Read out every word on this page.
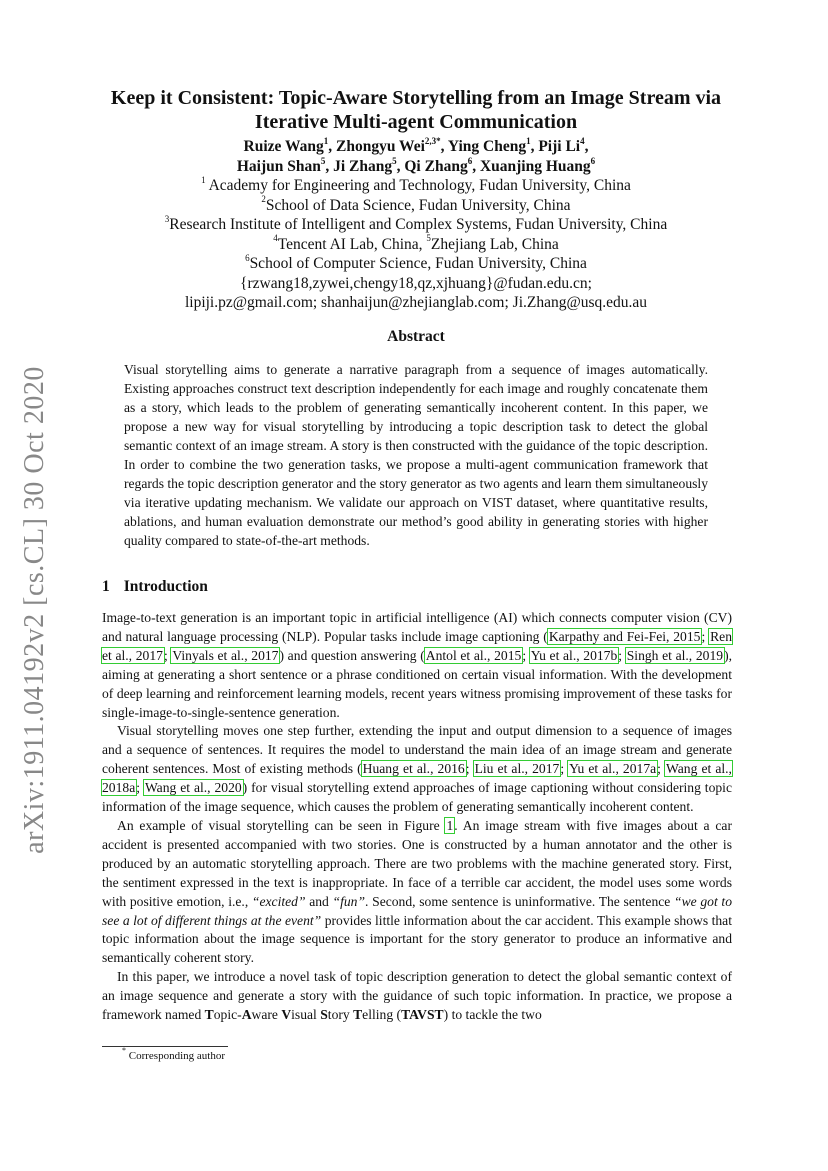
arXiv:1911.04192v2 [cs.CL] 30 Oct 2020
Keep it Consistent: Topic-Aware Storytelling from an Image Stream via
Iterative Multi-agent Communication
Ruize Wang$^1$, Zhongyu Wei$^{2,3*}$, Ying Cheng$^1$, Piji Li$^4$,
Haijun Shan$^5$, Ji Zhang$^5$, Qi Zhang$^6$, Xuanjing Huang$^6$
$^1$ Academy for Engineering and Technology, Fudan University, China
$^2$School of Data Science, Fudan University, China
$^3$Research Institute of Intelligent and Complex Systems, Fudan University, China
$^4$Tencent AI Lab, China, $^5$Zhejiang Lab, China
$^6$School of Computer Science, Fudan University, China
{rzwang18,zywei,chengy18,qz,xjhuang}@fudan.edu.cn;
lipiji.pz@gmail.com; shanhaijun@zhejianglab.com; Ji.Zhang@usq.edu.au
Abstract

Visual storytelling aims to generate a narrative paragraph from a sequence of images automatically. Existing approaches construct text description independently for each image and roughly concatenate them as a story, which leads to the problem of generating semantically incoherent content. In this paper, we propose a new way for visual storytelling by introducing a topic description task to detect the global semantic context of an image stream. A story is then constructed with the guidance of the topic description. In order to combine the two generation tasks, we propose a multi-agent communication framework that regards the topic description generator and the story generator as two agents and learn them simultaneously via iterative updating mechanism. We validate our approach on VIST dataset, where quantitative results, ablations, and human evaluation demonstrate our method’s good ability in generating stories with higher quality compared to state-of-the-art methods.

1 Introduction

Image-to-text generation is an important topic in artificial intelligence (AI) which connects computer vision (CV) and natural language processing (NLP). Popular tasks include image captioning (Karpathy and Fei-Fei, 2015; Ren et al., 2017; Vinyals et al., 2017) and question answering (Antol et al., 2015; Yu et al., 2017b; Singh et al., 2019), aiming at generating a short sentence or a phrase conditioned on certain visual information. With the development of deep learning and reinforcement learning models, recent years witness promising improvement of these tasks for single-image-to-single-sentence generation.

Visual storytelling moves one step further, extending the input and output dimension to a sequence of images and a sequence of sentences. It requires the model to understand the main idea of an image stream and generate coherent sentences. Most of existing methods (Huang et al., 2016; Liu et al., 2017; Yu et al., 2017a; Wang et al., 2018a; Wang et al., 2020) for visual storytelling extend approaches of image captioning without considering topic information of the image sequence, which causes the problem of generating semantically incoherent content.

An example of visual storytelling can be seen in Figure 1. An image stream with five images about a car accident is presented accompanied with two stories. One is constructed by a human annotator and the other is produced by an automatic storytelling approach. There are two problems with the machine generated story. First, the sentiment expressed in the text is inappropriate. In face of a terrible car accident, the model uses some words with positive emotion, i.e., “excited” and “fun”. Second, some sentence is uninformative. The sentence “we got to see a lot of different things at the event” provides little information about the car accident. This example shows that topic information about the image sequence is important for the story generator to produce an informative and semantically coherent story.

In this paper, we introduce a novel task of topic description generation to detect the global semantic context of an image sequence and generate a story with the guidance of such topic information. In practice, we propose a framework named Topic-Aware Visual Story Telling (TAVST) to tackle the two

* Corresponding author
